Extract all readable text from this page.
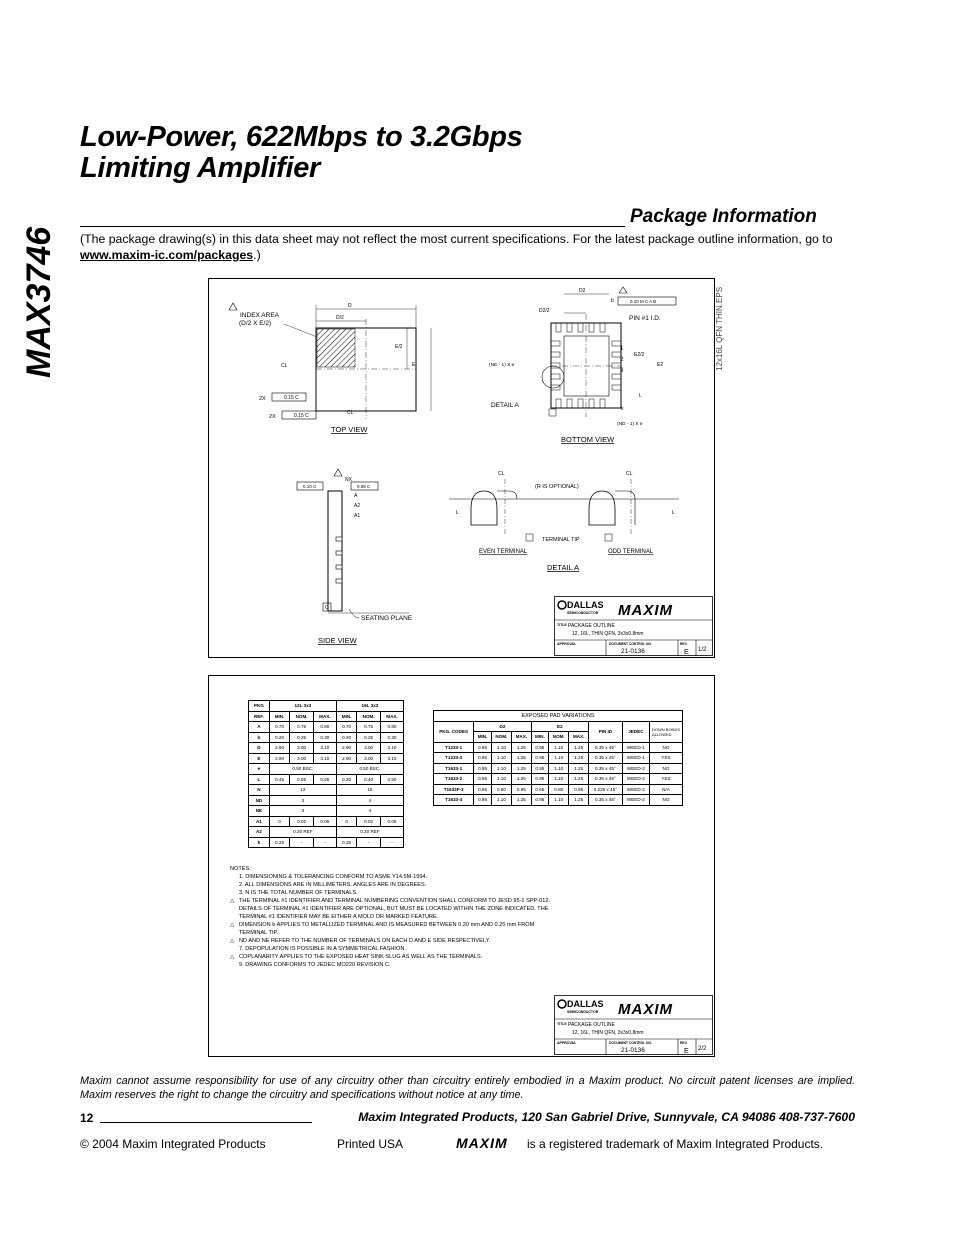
Low-Power, 622Mbps to 3.2Gbps
Limiting Amplifier
MAX3746
Package Information
(The package drawing(s) in this data sheet may not reflect the most current specifications. For the latest package outline information, go to www.maxim-ic.com/packages.)
12x16L QFN THIN.EPS
D
D/2
E/2
E
CL
CL
INDEX AREA
(D/2 X E/2)
2X	0.15 C
2X	0.15 C
TOP VIEW
D2
D2/2
b	0.10 M C A B
PIN #1 I.D.
1
2
3
E2/2
E2
(NE - 1) X e
L
k
(ND - 1) X e
DETAIL A
BOTTOM VIEW
NX
0.10 C	0.08 C
A
A2
A1
C
SEATING PLANE
SIDE VIEW
CL	CL
(R IS OPTIONAL)
L	L
EVEN TERMINAL
TERMINAL TIP
ODD TERMINAL
DETAIL A
DALLAS
SEMICONDUCTOR MAXIM
TITLE PACKAGE OUTLINE
12, 16L, THIN QFN, 3x3x0.8mm
APPROVAL	DOCUMENT CONTROL NO.
21-0136
REV.
E 1/2
PKG	12L 3x3			16L 3x3		
REF.	MIN.	NOM.	MAX.	MIN.	NOM.	MAX.
A	0.70	0.75	0.80	0.70	0.75	0.80
b	0.20	0.25	0.30	0.20	0.25	0.30
D	2.90	3.00	3.10	2.90	3.00	3.10
E	2.90	3.00	3.10	2.90	3.00	3.10
e	0.50 BSC.			0.50 BSC.		
L	0.45	0.55	0.65	0.30	0.40	0.50
N	12			16		
ND	3			4		
NE	3			4		
A1	0	0.02	0.05	0	0.02	0.05
A2	0.20 REF			0.20 REF		
k	0.25	-	-	0.25	-	-
EXPOSED PAD VARIATIONS									
PKG. CODES	D2			E2			PIN ID	JEDEC	DOWN BONDS ALLOWED
	MIN.	NOM.	MAX.	MIN.	NOM.	MAX.			
T1233-1	0.95	1.10	1.25	0.95	1.10	1.25	0.35 x 45°	WEED-1	NO
T1233-3	0.95	1.10	1.25	0.95	1.10	1.25	0.35 x 45°	WEED-1	YES
T1633-1	0.95	1.10	1.25	0.95	1.10	1.25	0.35 x 45°	WEED-2	NO
T1633-2	0.95	1.10	1.25	0.95	1.10	1.25	0.35 x 45°	WEED-2	YES
T1633F-3	0.65	0.80	0.95	0.65	0.80	0.95	0.225 x 45°	WEED-2	N/A
T1633-4	0.95	1.10	1.25	0.95	1.10	1.25	0.35 x 45°	WEED-2	NO
NOTES:
1. DIMENSIONING & TOLERANCING CONFORM TO ASME Y14.5M-1994.
2. ALL DIMENSIONS ARE IN MILLIMETERS. ANGLES ARE IN DEGREES.
3. N IS THE TOTAL NUMBER OF TERMINALS.
△ THE TERMINAL #1 IDENTIFIER AND TERMINAL NUMBERING CONVENTION SHALL CONFORM TO JESD 95-1 SPP-012. DETAILS OF TERMINAL #1 IDENTIFIER ARE OPTIONAL, BUT MUST BE LOCATED WITHIN THE ZONE INDICATED. THE TERMINAL #1 IDENTIFIER MAY BE EITHER A MOLD OR MARKED FEATURE.
△ DIMENSION b APPLIES TO METALLIZED TERMINAL AND IS MEASURED BETWEEN 0.20 mm AND 0.25 mm FROM TERMINAL TIP.
△ ND AND NE REFER TO THE NUMBER OF TERMINALS ON EACH D AND E SIDE RESPECTIVELY.
7. DEPOPULATION IS POSSIBLE IN A SYMMETRICAL FASHION.
△ COPLANARITY APPLIES TO THE EXPOSED HEAT SINK SLUG AS WELL AS THE TERMINALS.
9. DRAWING CONFORMS TO JEDEC MO220 REVISION C.
DALLAS
SEMICONDUCTOR MAXIM
TITLE PACKAGE OUTLINE
12, 16L, THIN QFN, 3x3x0.8mm
APPROVAL	DOCUMENT CONTROL NO.
21-0136
REV.
E 2/2
Maxim cannot assume responsibility for use of any circuitry other than circuitry entirely embodied in a Maxim product. No circuit patent licenses are implied. Maxim reserves the right to change the circuitry and specifications without notice at any time.
12	Maxim Integrated Products, 120 San Gabriel Drive, Sunnyvale, CA 94086 408-737-7600
© 2004 Maxim Integrated Products	Printed USA	MAXIM is a registered trademark of Maxim Integrated Products.
